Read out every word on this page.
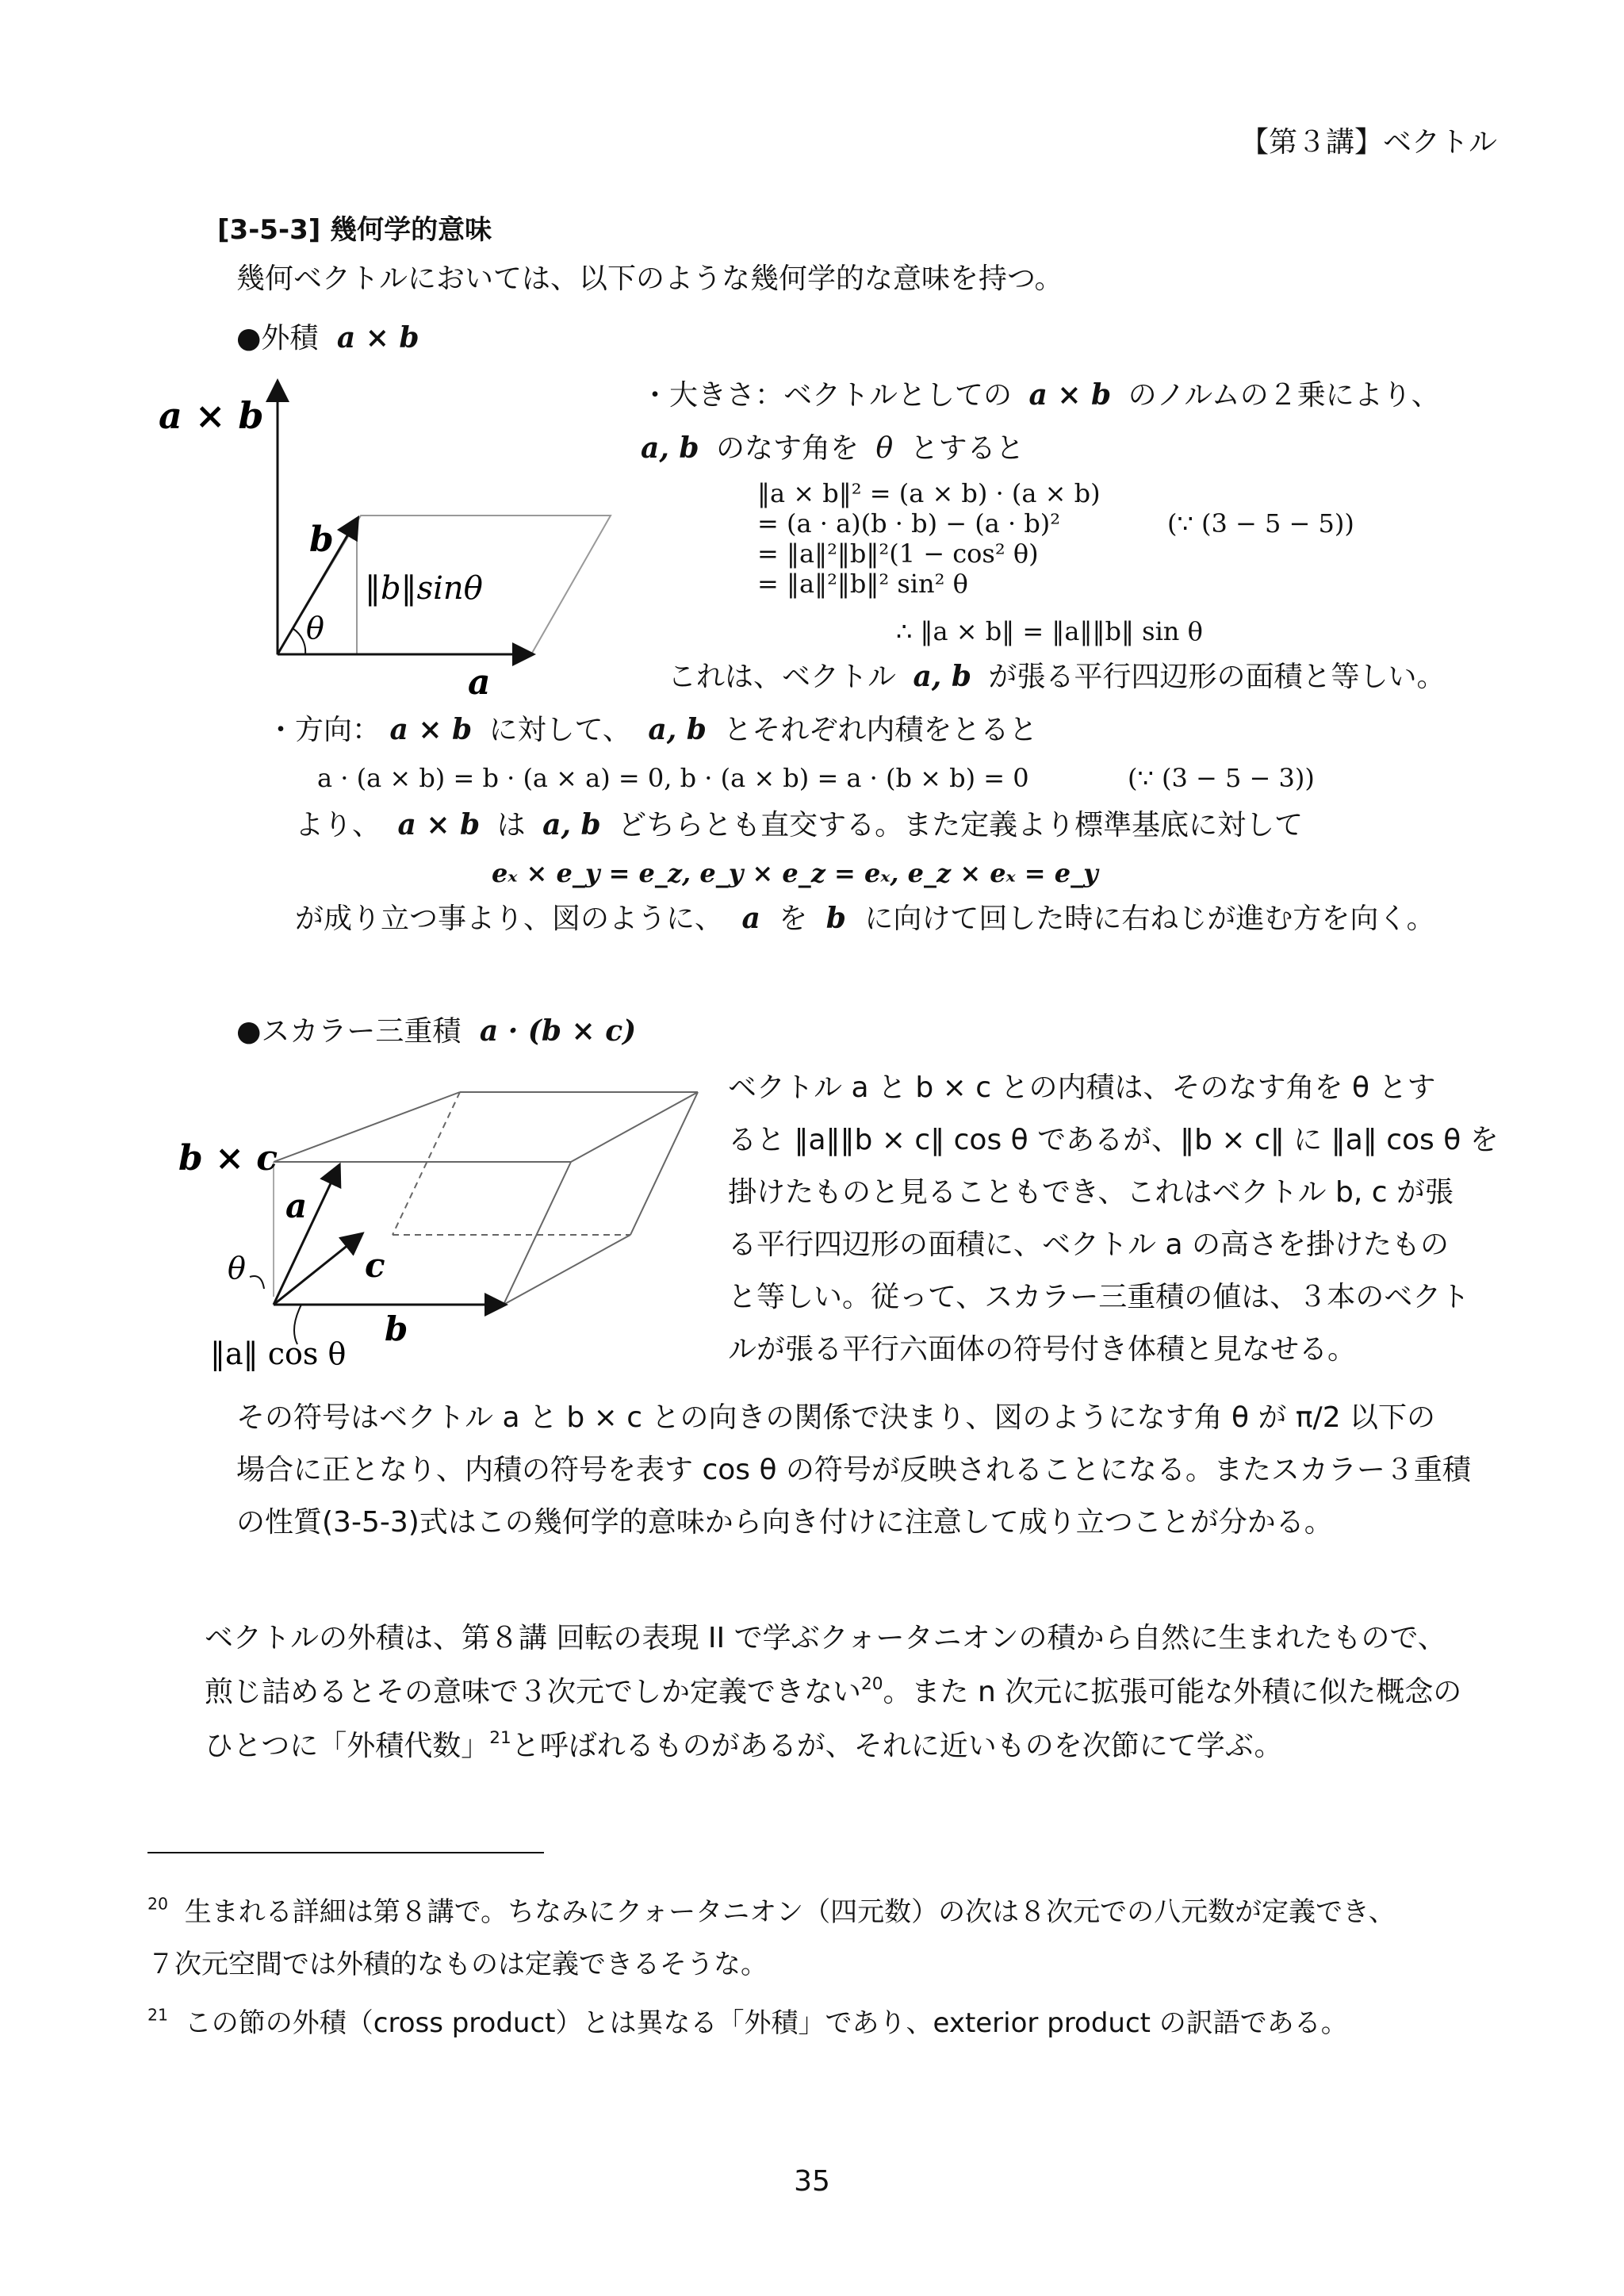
【第３講】ベクトル
[3-5-3] 幾何学的意味
幾何ベクトルにおいては、以下のような幾何学的な意味を持つ。
●外積 a × b
a × b
b
‖b‖sinθ
θ
a
・大きさ：ベクトルとしての a × b のノルムの２乗により、
a, b のなす角を θ とすると
‖a × b‖² = (a × b) · (a × b)
= (a · a)(b · b) − (a · b)²	(∵ (3 − 5 − 5))
= ‖a‖²‖b‖²(1 − cos² θ)
= ‖a‖²‖b‖² sin² θ
∴ ‖a × b‖ = ‖a‖‖b‖ sin θ
これは、ベクトル a, b が張る平行四辺形の面積と等しい。
・方向： a × b に対して、 a, b とそれぞれ内積をとると
a · (a × b) = b · (a × a) = 0, b · (a × b) = a · (b × b) = 0	(∵ (3 − 5 − 3))
より、 a × b は a, b どちらとも直交する。また定義より標準基底に対して
eₓ × e_y = e_z, e_y × e_z = eₓ, e_z × eₓ = e_y
が成り立つ事より、図のように、 a を b に向けて回した時に右ねじが進む方を向く。
●スカラー三重積 a · (b × c)
b × c
a
θ	c
‖a‖ cos θ
b
ベクトル a と b × c との内積は、そのなす角を θ とす
ると ‖a‖‖b × c‖ cos θ であるが、‖b × c‖ に ‖a‖ cos θ を
掛けたものと見ることもでき、これはベクトル b, c が張
る平行四辺形の面積に、ベクトル a の高さを掛けたもの
と等しい。従って、スカラー三重積の値は、３本のベクト
ルが張る平行六面体の符号付き体積と見なせる。
その符号はベクトル a と b × c との向きの関係で決まり、図のようになす角 θ が π/2 以下の
場合に正となり、内積の符号を表す cos θ の符号が反映されることになる。またスカラー３重積
の性質(3-5-3)式はこの幾何学的意味から向き付けに注意して成り立つことが分かる。
ベクトルの外積は、第８講 回転の表現 II で学ぶクォータニオンの積から自然に生まれたもので、
煎じ詰めるとその意味で３次元でしか定義できない$^{20}$。また n 次元に拡張可能な外積に似た概念の
ひとつに「外積代数」$^{21}$と呼ばれるものがあるが、それに近いものを次節にて学ぶ。
$^{20}$ 生まれる詳細は第８講で。ちなみにクォータニオン（四元数）の次は８次元での八元数が定義でき、
７次元空間では外積的なものは定義できるそうな。
$^{21}$ この節の外積（cross product）とは異なる「外積」であり、exterior product の訳語である。
35
